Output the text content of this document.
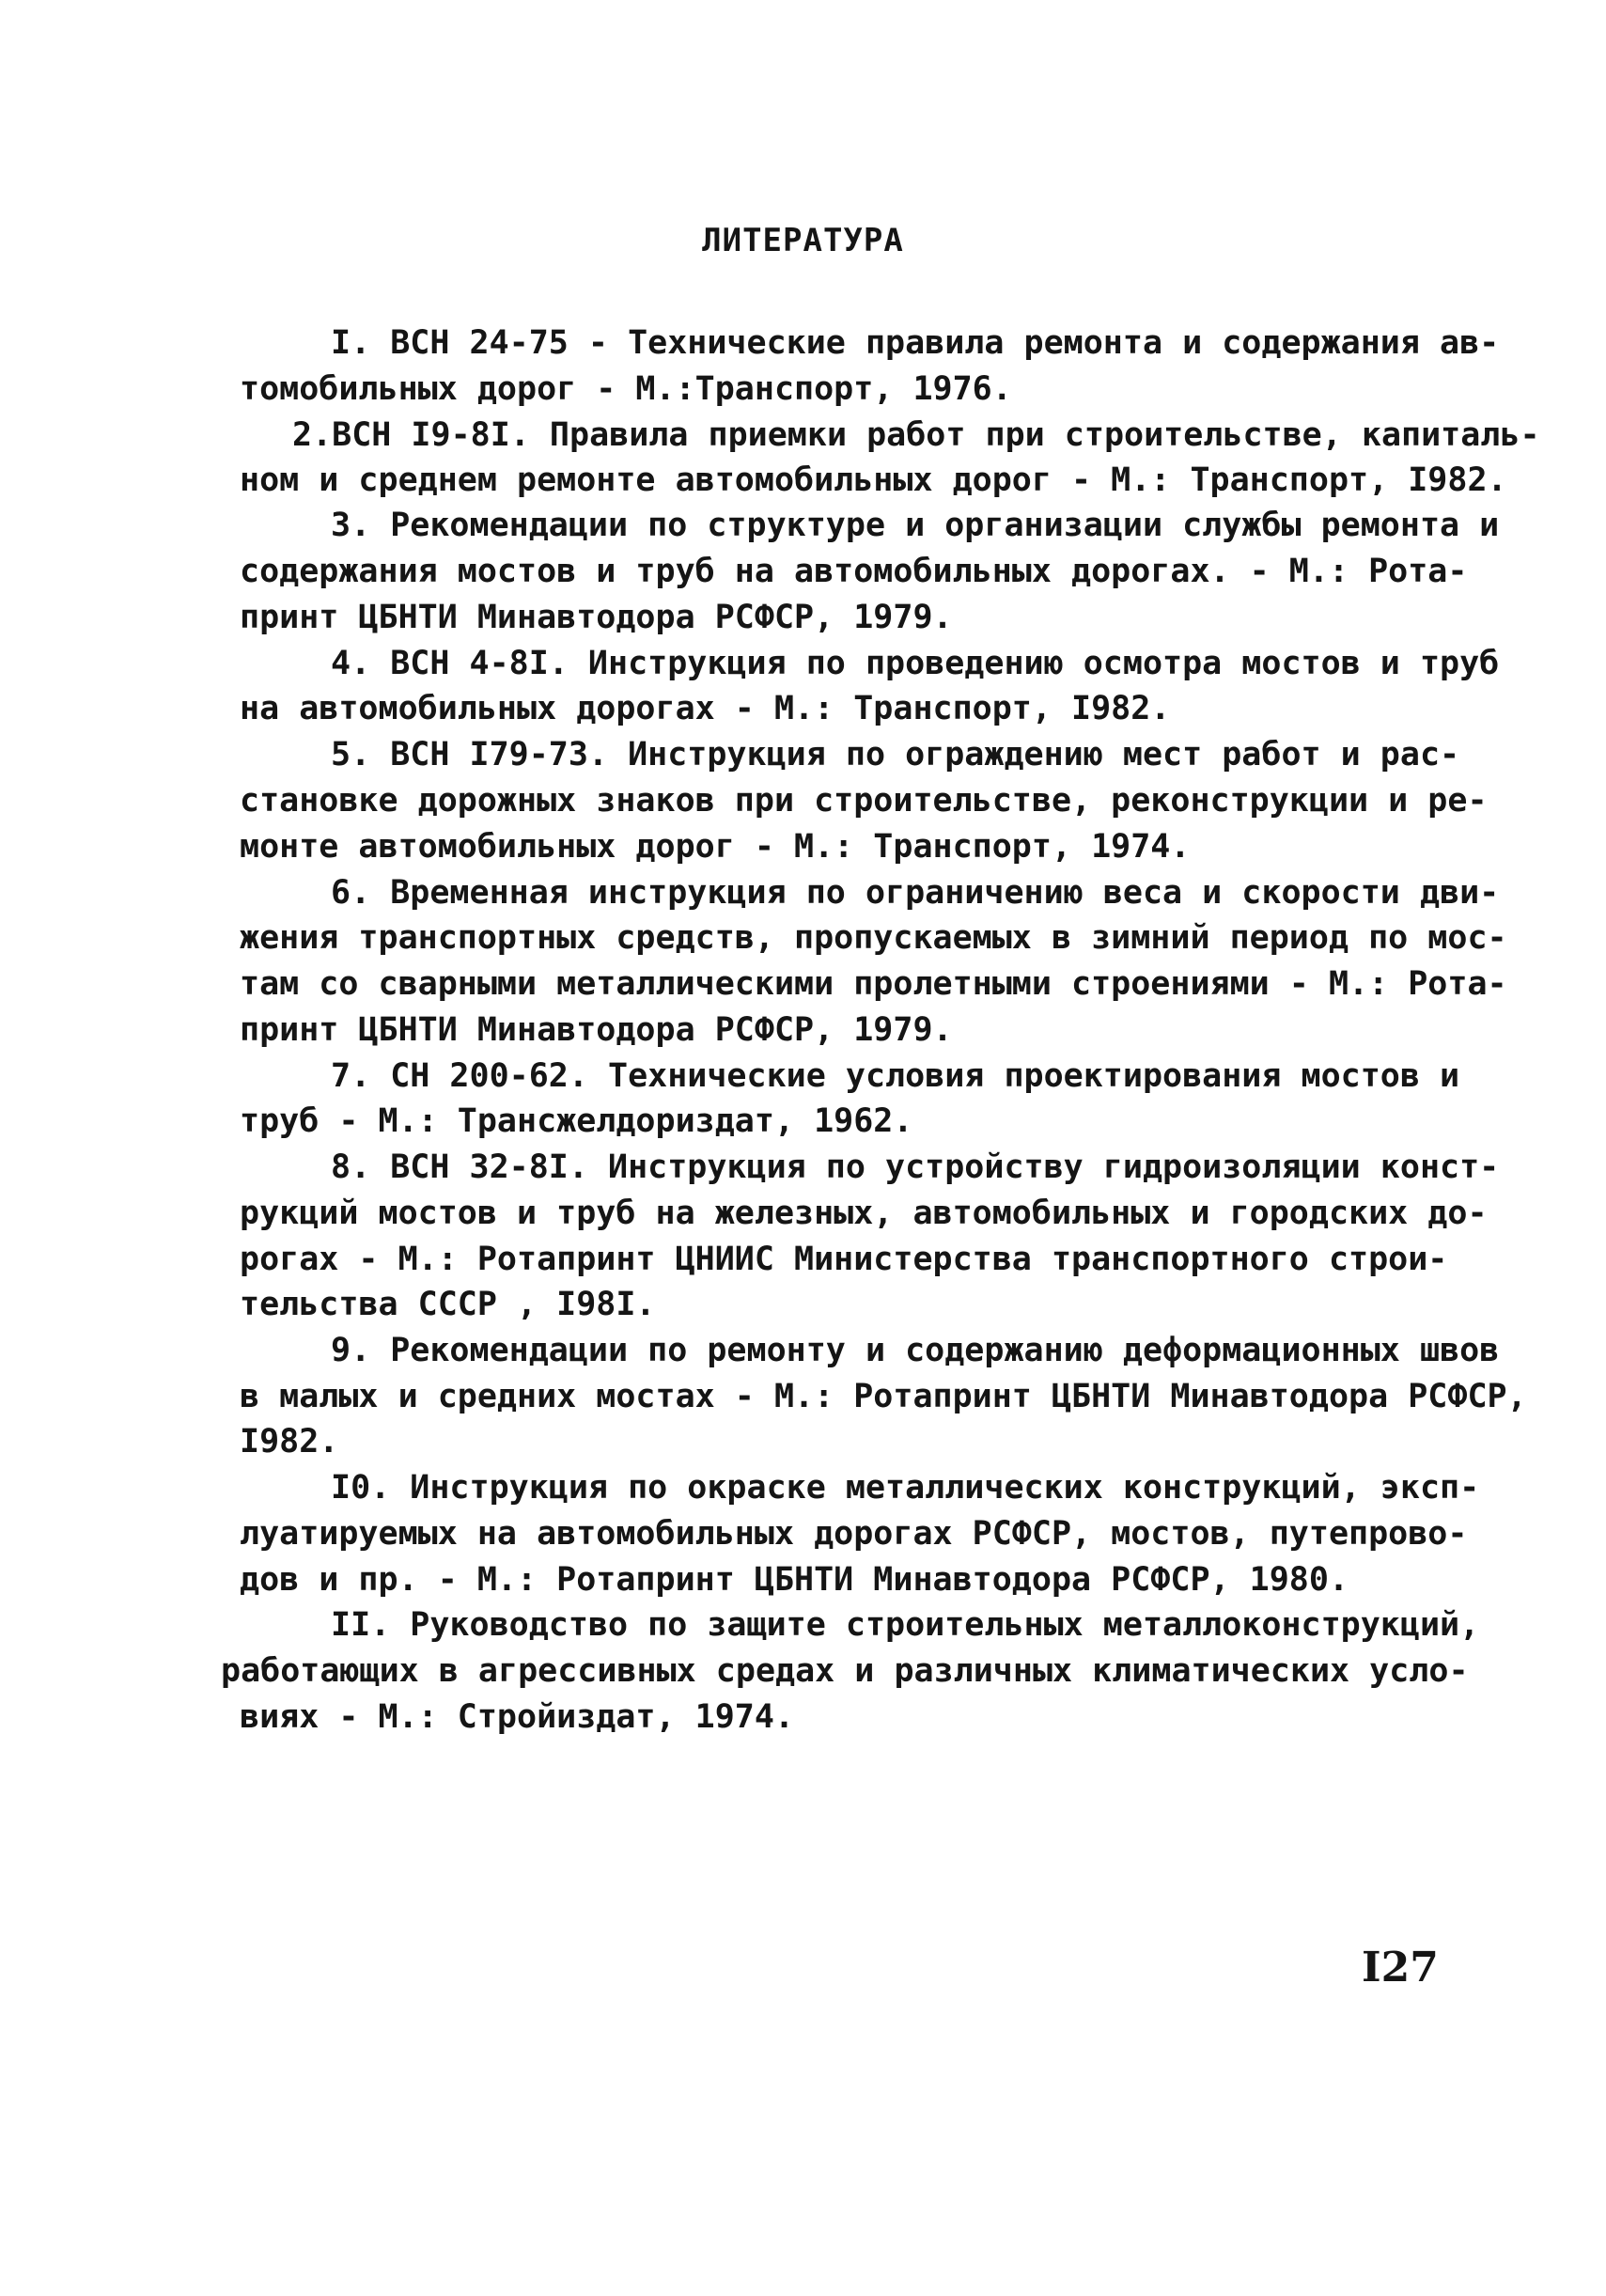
ЛИТЕРАТУРА
I. ВСН 24-75 - Технические правила ремонта и содержания ав-
томобильных дорог - М.:Транспорт, 1976.
2.ВСН I9-8I. Правила приемки работ при строительстве, капиталь-
ном и среднем ремонте автомобильных дорог - М.: Транспорт, I982.
3. Рекомендации по структуре и организации службы ремонта и
содержания мостов и труб на автомобильных дорогах. - М.: Рота-
принт ЦБНТИ Минавтодора РСФСР, 1979.
4. ВСН 4-8I. Инструкция по проведению осмотра мостов и труб
на автомобильных дорогах - М.: Транспорт, I982.
5. ВСН I79-73. Инструкция по ограждению мест работ и рас-
становке дорожных знаков при строительстве, реконструкции и ре-
монте автомобильных дорог - М.: Транспорт, 1974.
6. Временная инструкция по ограничению веса и скорости дви-
жения транспортных средств, пропускаемых в зимний период по мос-
там со сварными металлическими пролетными строениями - М.: Рота-
принт ЦБНТИ Минавтодора РСФСР, 1979.
7. СН 200-62. Технические условия проектирования мостов и
труб - М.: Трансжелдориздат, 1962.
8. ВСН 32-8I. Инструкция по устройству гидроизоляции конст-
рукций мостов и труб на железных, автомобильных и городских до-
рогах - М.: Ротапринт ЦНИИС Министерства транспортного строи-
тельства СССР , I98I.
9. Рекомендации по ремонту и содержанию деформационных швов
в малых и средних мостах - М.: Ротапринт ЦБНТИ Минавтодора РСФСР,
I982.
I0. Инструкция по окраске металлических конструкций, эксп-
луатируемых на автомобильных дорогах РСФСР, мостов, путепрово-
дов и пр. - М.: Ротапринт ЦБНТИ Минавтодора РСФСР, 1980.
II. Руководство по защите строительных металлоконструкций,
работающих в агрессивных средах и различных климатических усло-
виях - М.: Стройиздат, 1974.
I27
